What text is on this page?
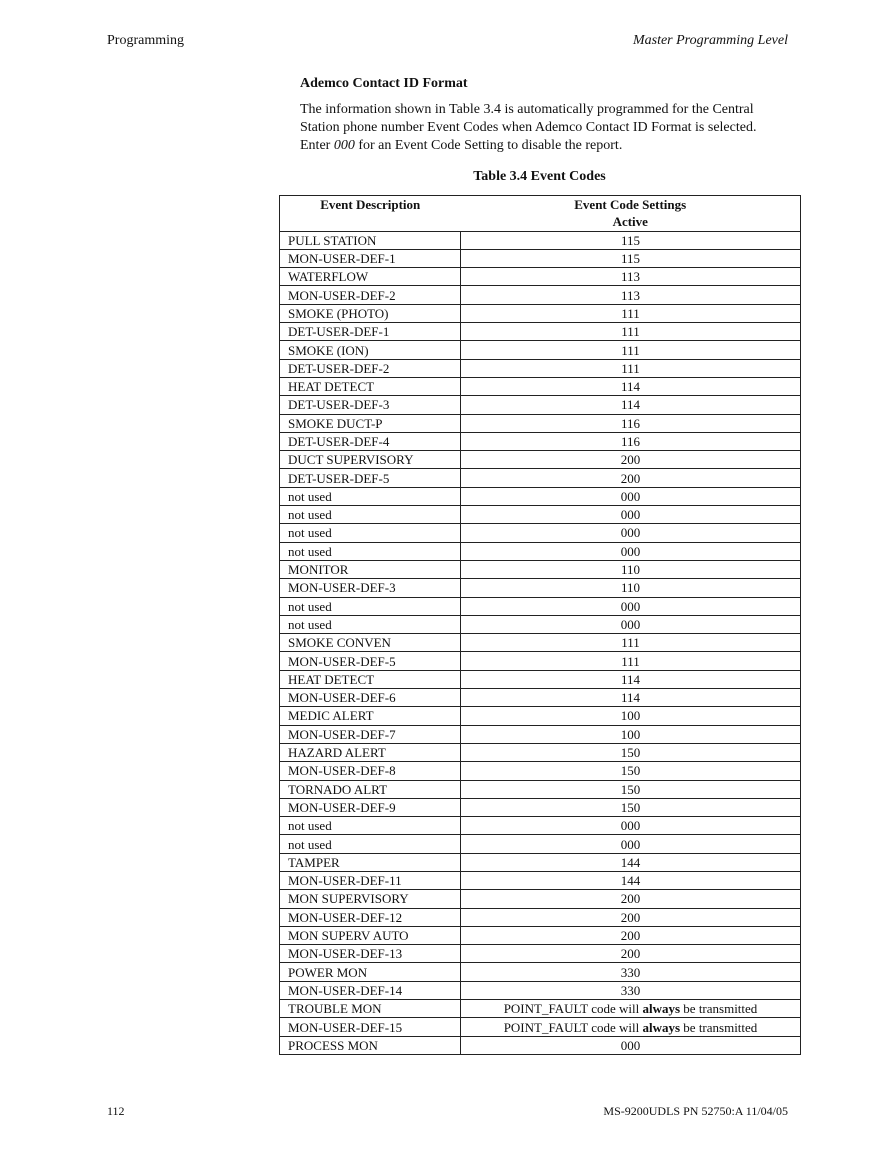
Programming	Master Programming Level
Ademco Contact ID Format
The information shown in Table 3.4 is automatically programmed for the Central Station phone number Event Codes when Ademco Contact ID Format is selected. Enter 000 for an Event Code Setting to disable the report.
Table 3.4 Event Codes
Event Description	Event Code Settings
	Active
PULL STATION	115
MON-USER-DEF-1	115
WATERFLOW	113
MON-USER-DEF-2	113
SMOKE (PHOTO)	111
DET-USER-DEF-1	111
SMOKE (ION)	111
DET-USER-DEF-2	111
HEAT DETECT	114
DET-USER-DEF-3	114
SMOKE DUCT-P	116
DET-USER-DEF-4	116
DUCT SUPERVISORY	200
DET-USER-DEF-5	200
not used	000
not used	000
not used	000
not used	000
MONITOR	110
MON-USER-DEF-3	110
not used	000
not used	000
SMOKE CONVEN	111
MON-USER-DEF-5	111
HEAT DETECT	114
MON-USER-DEF-6	114
MEDIC ALERT	100
MON-USER-DEF-7	100
HAZARD ALERT	150
MON-USER-DEF-8	150
TORNADO ALRT	150
MON-USER-DEF-9	150
not used	000
not used	000
TAMPER	144
MON-USER-DEF-11	144
MON SUPERVISORY	200
MON-USER-DEF-12	200
MON SUPERV AUTO	200
MON-USER-DEF-13	200
POWER MON	330
MON-USER-DEF-14	330
TROUBLE MON	POINT_FAULT code will always be transmitted
MON-USER-DEF-15	POINT_FAULT code will always be transmitted
PROCESS MON	000
112	MS-9200UDLS PN 52750:A 11/04/05
